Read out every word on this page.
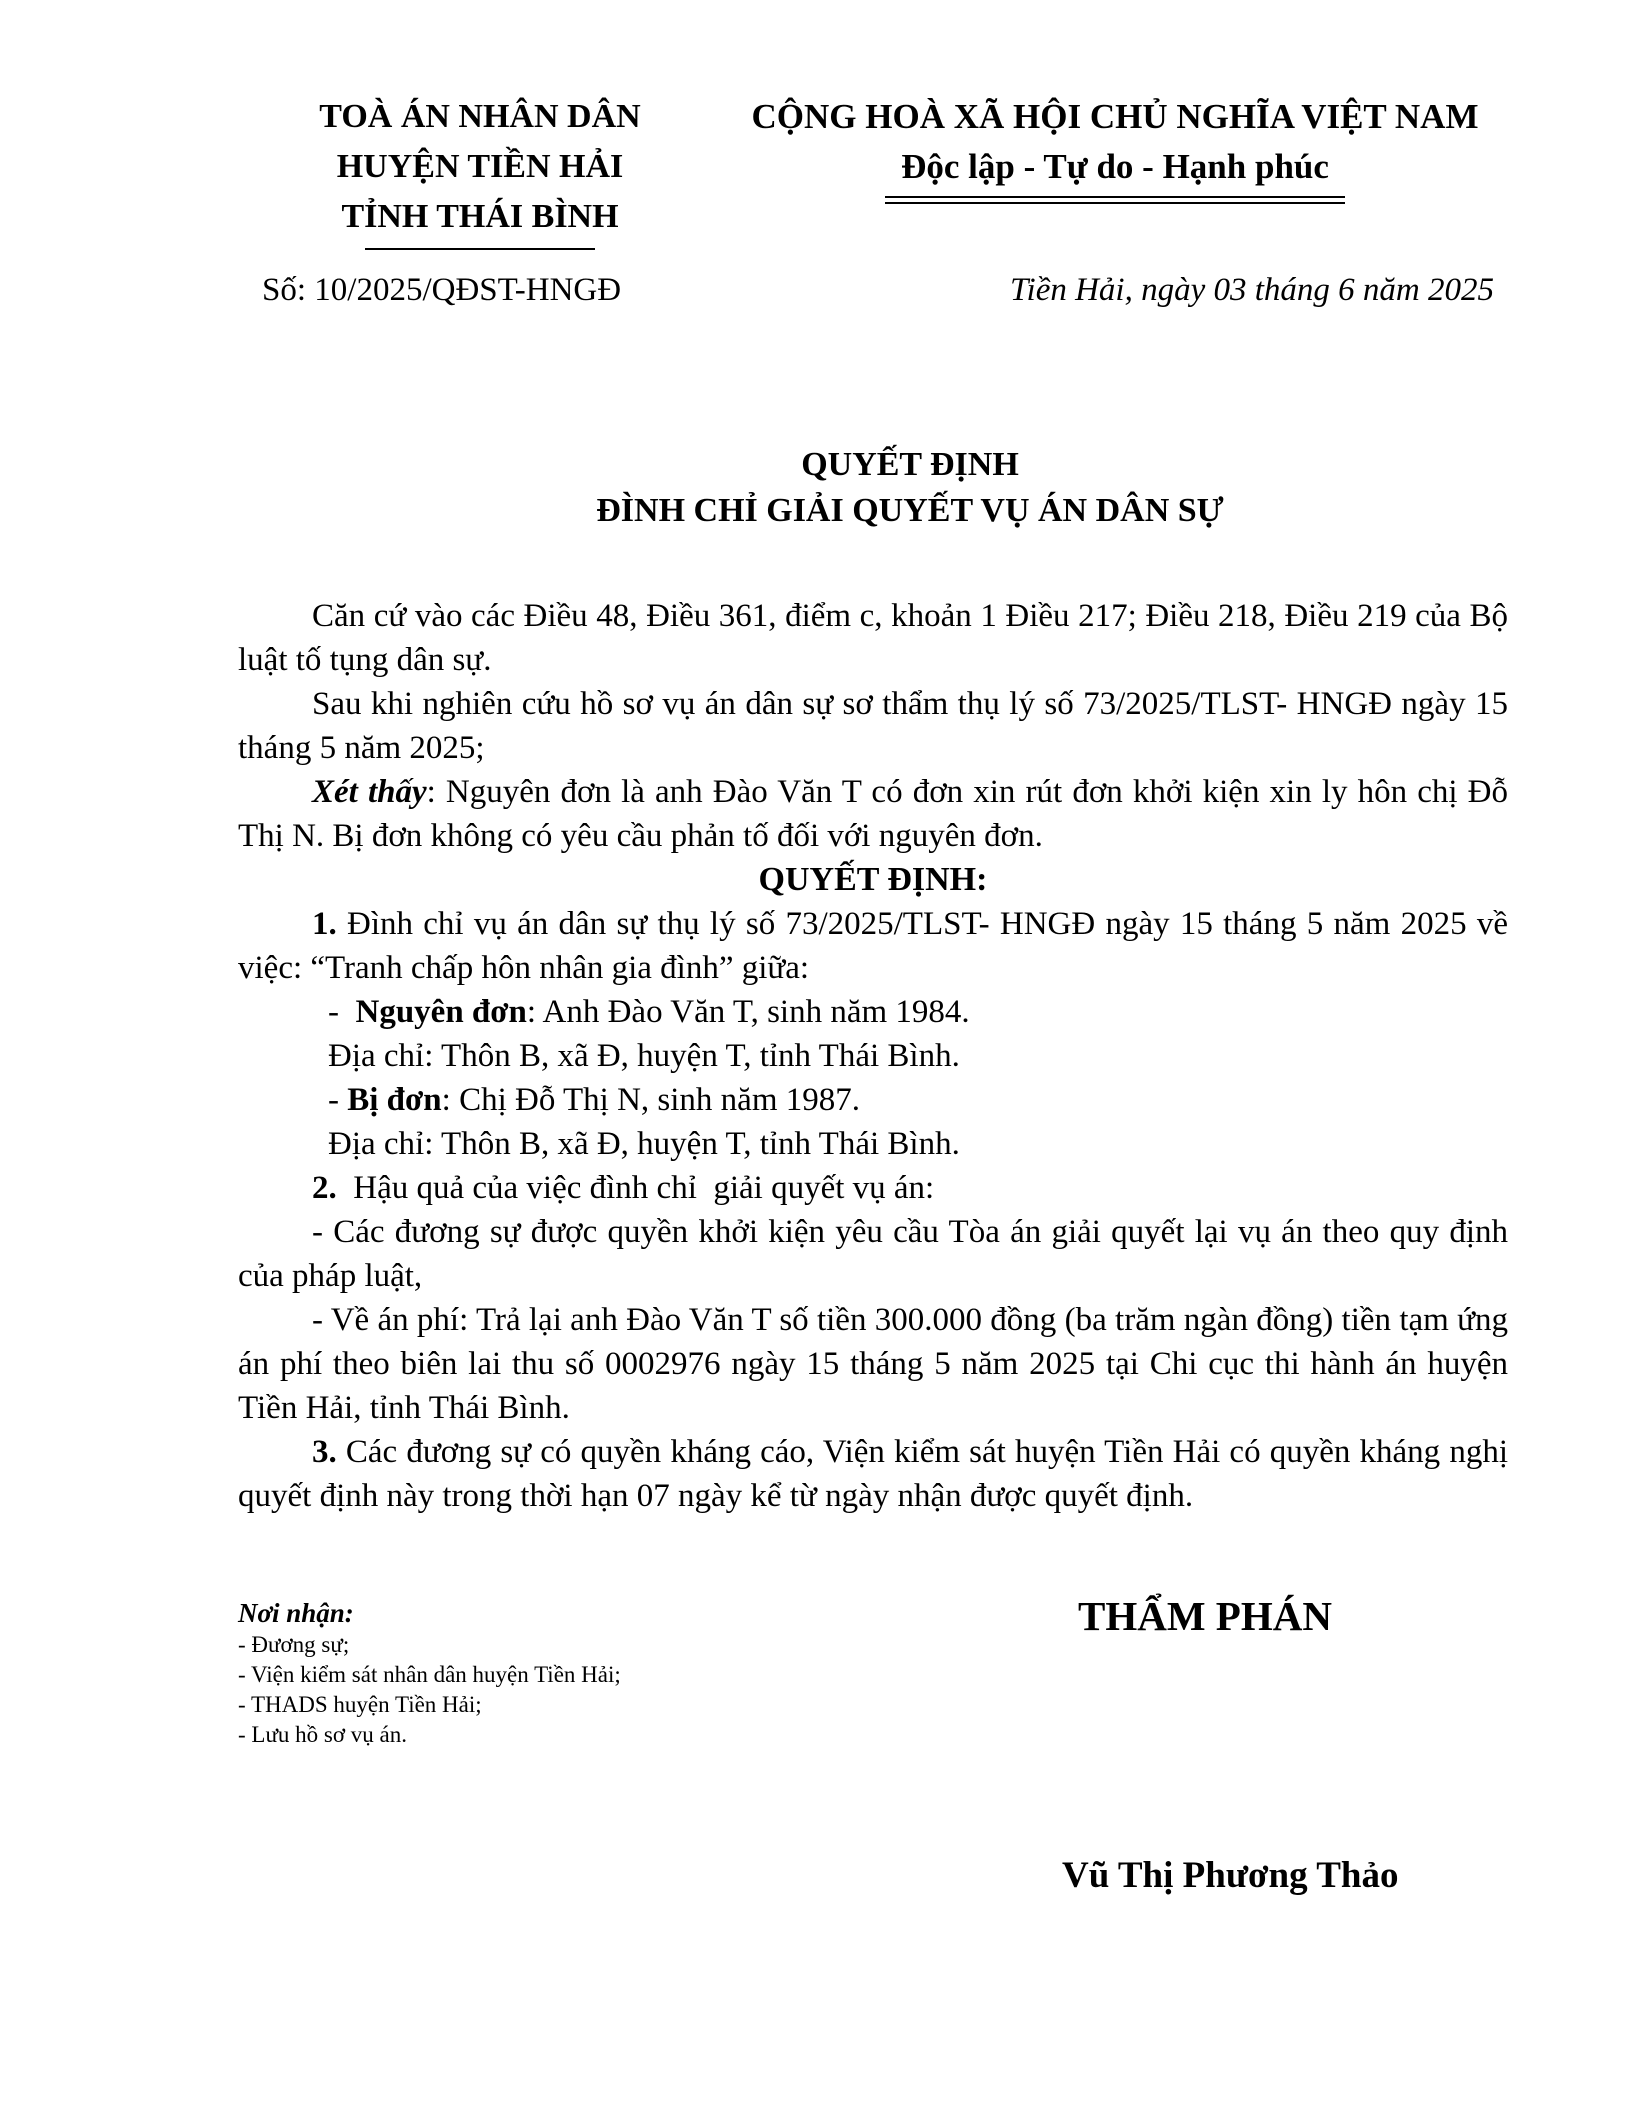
TOÀ ÁN NHÂN DÂN
HUYỆN TIỀN HẢI
TỈNH THÁI BÌNH
CỘNG HOÀ XÃ HỘI CHỦ NGHĨA VIỆT NAM
Độc lập - Tự do - Hạnh phúc
Số: 10/2025/QĐST-HNGĐ	Tiền Hải, ngày 03 tháng 6 năm 2025
QUYẾT ĐỊNH
ĐÌNH CHỈ GIẢI QUYẾT VỤ ÁN DÂN SỰ

Căn cứ vào các Điều 48, Điều 361, điểm c, khoản 1 Điều 217; Điều 218, Điều 219 của Bộ luật tố tụng dân sự.

Sau khi nghiên cứu hồ sơ vụ án dân sự sơ thẩm thụ lý số 73/2025/TLST- HNGĐ ngày 15 tháng 5 năm 2025;

Xét thấy: Nguyên đơn là anh Đào Văn T có đơn xin rút đơn khởi kiện xin ly hôn chị Đỗ Thị N. Bị đơn không có yêu cầu phản tố đối với nguyên đơn.

QUYẾT ĐỊNH:

1. Đình chỉ vụ án dân sự thụ lý số 73/2025/TLST- HNGĐ ngày 15 tháng 5 năm 2025 về việc: “Tranh chấp hôn nhân gia đình” giữa:

-  Nguyên đơn: Anh Đào Văn T, sinh năm 1984.

Địa chỉ: Thôn B, xã Đ, huyện T, tỉnh Thái Bình.

- Bị đơn: Chị Đỗ Thị N, sinh năm 1987.

Địa chỉ: Thôn B, xã Đ, huyện T, tỉnh Thái Bình.

2.  Hậu quả của việc đình chỉ  giải quyết vụ án:

- Các đương sự được quyền khởi kiện yêu cầu Tòa án giải quyết lại vụ án theo quy định của pháp luật,

- Về án phí: Trả lại anh Đào Văn T số tiền 300.000 đồng (ba trăm ngàn đồng) tiền tạm ứng án phí theo biên lai thu số 0002976 ngày 15 tháng 5 năm 2025 tại Chi cục thi hành án huyện Tiền Hải, tỉnh Thái Bình.

3. Các đương sự có quyền kháng cáo, Viện kiểm sát huyện Tiền Hải có quyền kháng nghị quyết định này trong thời hạn 07 ngày kể từ ngày nhận được quyết định.

Nơi nhận:
- Đương sự;
- Viện kiểm sát nhân dân huyện Tiền Hải;
- THADS huyện Tiền Hải;
- Lưu hồ sơ vụ án.
THẨM PHÁN
Vũ Thị Phương Thảo
